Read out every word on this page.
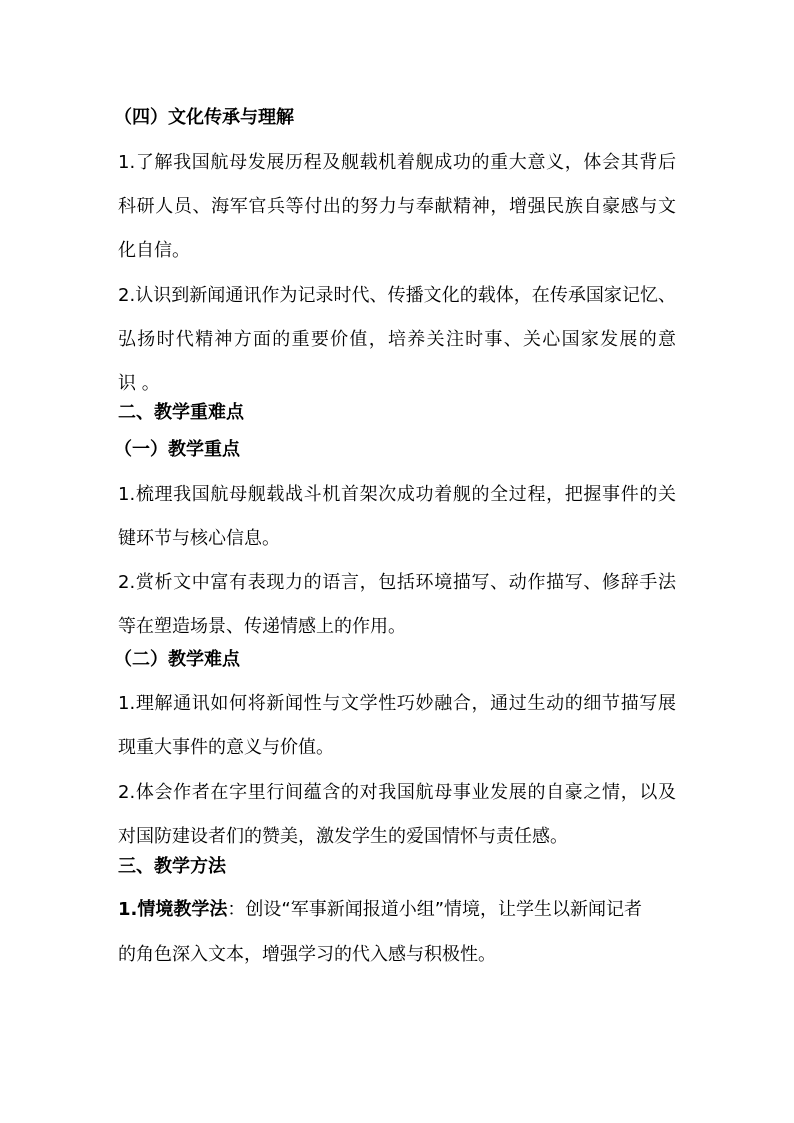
（四）文化传承与理解
1.了解我国航母发展历程及舰载机着舰成功的重大意义，体会其背后
科研人员、海军官兵等付出的努力与奉献精神，增强民族自豪感与文
化自信。
2.认识到新闻通讯作为记录时代、传播文化的载体，在传承国家记忆、
弘扬时代精神方面的重要价值，培养关注时事、关心国家发展的意
识 。
二、教学重难点
（一）教学重点
1.梳理我国航母舰载战斗机首架次成功着舰的全过程，把握事件的关
键环节与核心信息。
2.赏析文中富有表现力的语言，包括环境描写、动作描写、修辞手法
等在塑造场景、传递情感上的作用。
（二）教学难点
1.理解通讯如何将新闻性与文学性巧妙融合，通过生动的细节描写展
现重大事件的意义与价值。
2.体会作者在字里行间蕴含的对我国航母事业发展的自豪之情，以及
对国防建设者们的赞美，激发学生的爱国情怀与责任感。
三、教学方法
1.情境教学法：创设“军事新闻报道小组”情境，让学生以新闻记者
的角色深入文本，增强学习的代入感与积极性。
